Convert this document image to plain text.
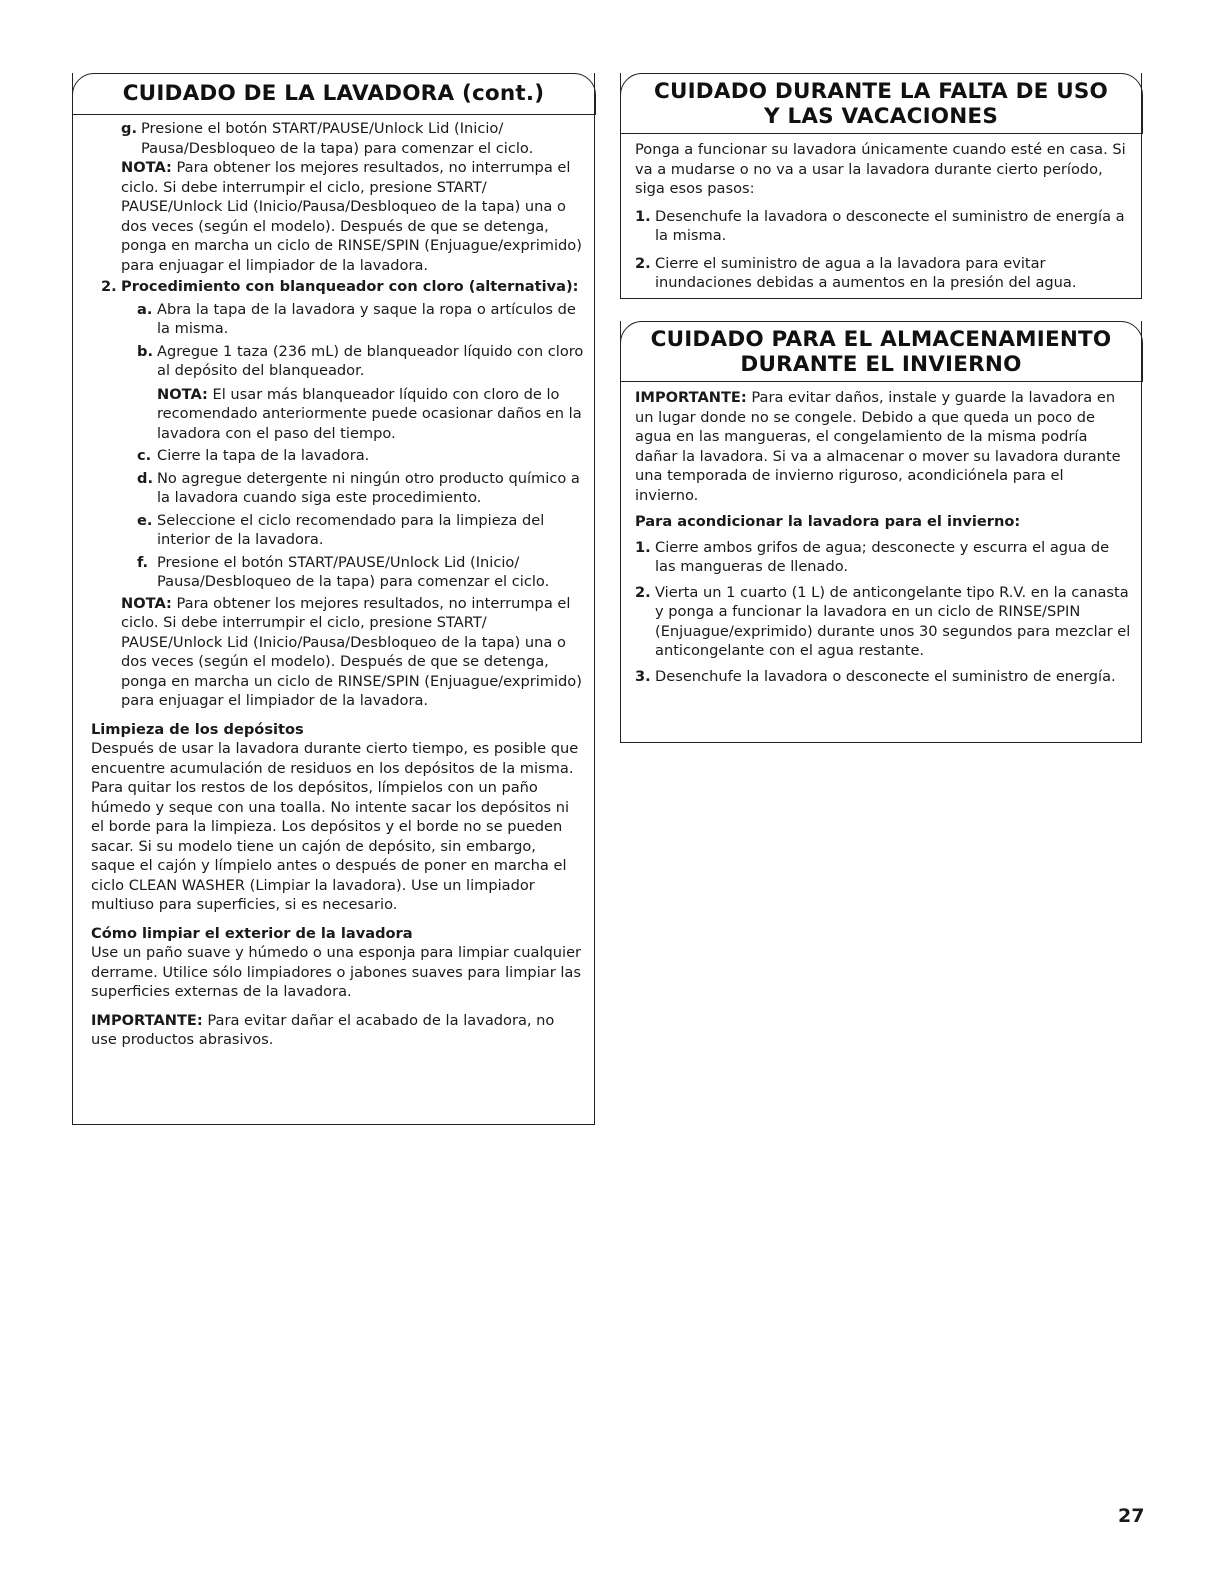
CUIDADO DE LA LAVADORA (cont.)

g. Presione el botón START/PAUSE/Unlock Lid (Inicio/ Pausa/Desbloqueo de la tapa) para comenzar el ciclo.

NOTA: Para obtener los mejores resultados, no interrumpa el ciclo. Si debe interrumpir el ciclo, presione START/ PAUSE/Unlock Lid (Inicio/Pausa/Desbloqueo de la tapa) una o dos veces (según el modelo). Después de que se detenga, ponga en marcha un ciclo de RINSE/SPIN (Enjuague/exprimido) para enjuagar el limpiador de la lavadora.

2. Procedimiento con blanqueador con cloro (alternativa):

a. Abra la tapa de la lavadora y saque la ropa o artículos de la misma.

b. Agregue 1 taza (236 mL) de blanqueador líquido con cloro al depósito del blanqueador.

NOTA: El usar más blanqueador líquido con cloro de lo recomendado anteriormente puede ocasionar daños en la lavadora con el paso del tiempo.

c. Cierre la tapa de la lavadora.

d. No agregue detergente ni ningún otro producto químico a la lavadora cuando siga este procedimiento.

e. Seleccione el ciclo recomendado para la limpieza del interior de la lavadora.

f. Presione el botón START/PAUSE/Unlock Lid (Inicio/ Pausa/Desbloqueo de la tapa) para comenzar el ciclo.

NOTA: Para obtener los mejores resultados, no interrumpa el ciclo. Si debe interrumpir el ciclo, presione START/ PAUSE/Unlock Lid (Inicio/Pausa/Desbloqueo de la tapa) una o dos veces (según el modelo). Después de que se detenga, ponga en marcha un ciclo de RINSE/SPIN (Enjuague/exprimido) para enjuagar el limpiador de la lavadora.

Limpieza de los depósitos

Después de usar la lavadora durante cierto tiempo, es posible que encuentre acumulación de residuos en los depósitos de la misma. Para quitar los restos de los depósitos, límpielos con un paño húmedo y seque con una toalla. No intente sacar los depósitos ni el borde para la limpieza. Los depósitos y el borde no se pueden sacar. Si su modelo tiene un cajón de depósito, sin embargo, saque el cajón y límpielo antes o después de poner en marcha el ciclo CLEAN WASHER (Limpiar la lavadora). Use un limpiador multiuso para superficies, si es necesario.

Cómo limpiar el exterior de la lavadora

Use un paño suave y húmedo o una esponja para limpiar cualquier derrame. Utilice sólo limpiadores o jabones suaves para limpiar las superficies externas de la lavadora.

IMPORTANTE: Para evitar dañar el acabado de la lavadora, no use productos abrasivos.

CUIDADO DURANTE LA FALTA DE USO
Y LAS VACACIONES

Ponga a funcionar su lavadora únicamente cuando esté en casa. Si va a mudarse o no va a usar la lavadora durante cierto período, siga esos pasos:

1. Desenchufe la lavadora o desconecte el suministro de energía a la misma.

2. Cierre el suministro de agua a la lavadora para evitar inundaciones debidas a aumentos en la presión del agua.

CUIDADO PARA EL ALMACENAMIENTO
DURANTE EL INVIERNO

IMPORTANTE: Para evitar daños, instale y guarde la lavadora en un lugar donde no se congele. Debido a que queda un poco de agua en las mangueras, el congelamiento de la misma podría dañar la lavadora. Si va a almacenar o mover su lavadora durante una temporada de invierno riguroso, acondiciónela para el invierno.

Para acondicionar la lavadora para el invierno:

1. Cierre ambos grifos de agua; desconecte y escurra el agua de las mangueras de llenado.

2. Vierta un 1 cuarto (1 L) de anticongelante tipo R.V. en la canasta y ponga a funcionar la lavadora en un ciclo de RINSE/SPIN (Enjuague/exprimido) durante unos 30 segundos para mezclar el anticongelante con el agua restante.

3. Desenchufe la lavadora o desconecte el suministro de energía.

27
